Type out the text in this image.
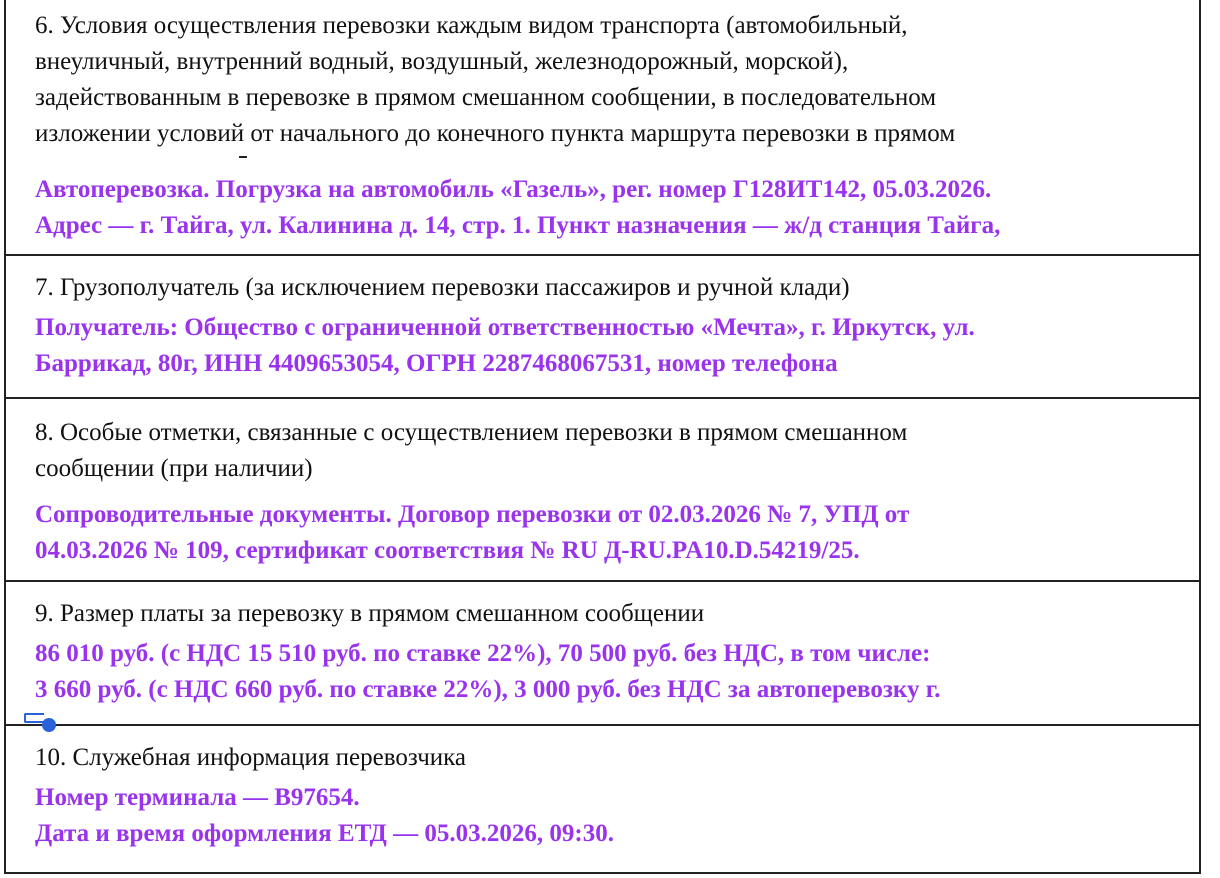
6. Условия осуществления перевозки каждым видом транспорта (автомобильный,
внеуличный, внутренний водный, воздушный, железнодорожный, морской),
задействованным в перевозке в прямом смешанном сообщении, в последовательном
изложении условий от начального до конечного пункта маршрута перевозки в прямом

Автоперевозка. Погрузка на автомобиль «Газель», рег. номер Г128ИТ142, 05.03.2026.
Адрес — г. Тайга, ул. Калинина д. 14, стр. 1. Пункт назначения — ж/д станция Тайга,

7. Грузополучатель (за исключением перевозки пассажиров и ручной клади)

Получатель: Общество с ограниченной ответственностью «Мечта», г. Иркутск, ул.
Баррикад, 80г, ИНН 4409653054, ОГРН 2287468067531, номер телефона

8. Особые отметки, связанные с осуществлением перевозки в прямом смешанном
сообщении (при наличии)

Сопроводительные документы. Договор перевозки от 02.03.2026 № 7, УПД от
04.03.2026 № 109, сертификат соответствия № RU Д-RU.PA10.D.54219/25.

9. Размер платы за перевозку в прямом смешанном сообщении

86 010 руб. (с НДС 15 510 руб. по ставке 22%), 70 500 руб. без НДС, в том числе:
3 660 руб. (с НДС 660 руб. по ставке 22%), 3 000 руб. без НДС за автоперевозку г.

10. Служебная информация перевозчика

Номер терминала — B97654.
Дата и время оформления ЕТД — 05.03.2026, 09:30.
